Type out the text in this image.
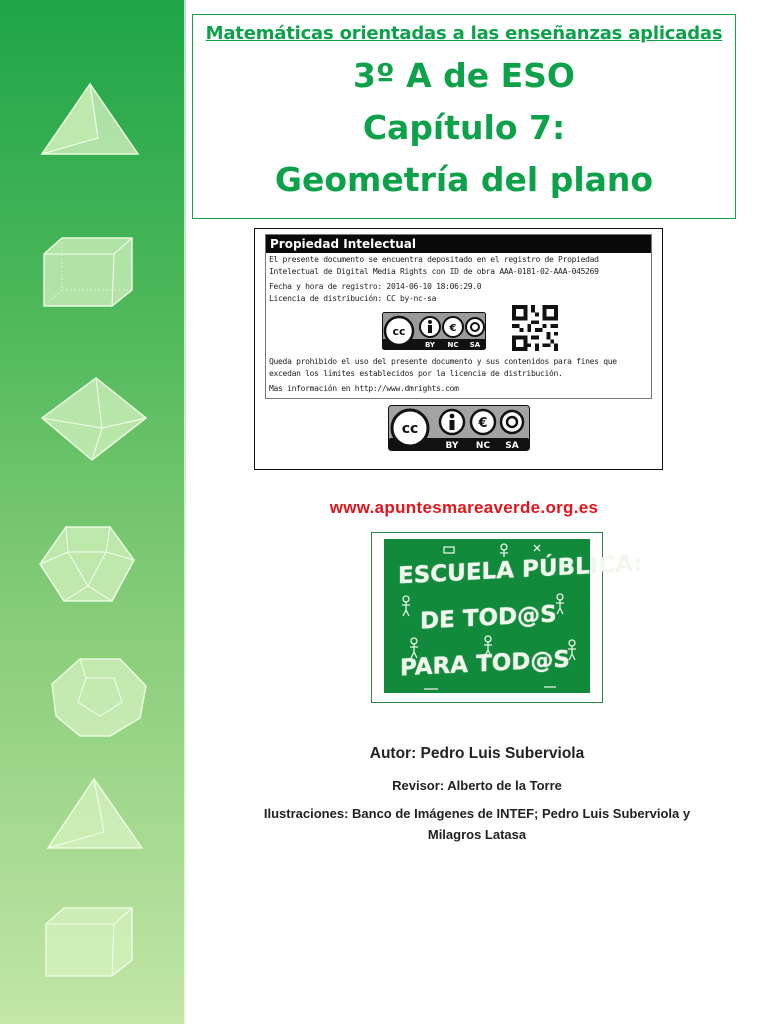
Matemáticas orientadas a las enseñanzas aplicadas
3º A de ESO
Capítulo 7:
Geometría del plano
Propiedad Intelectual
El presente documento se encuentra depositado en el registro de Propiedad
Intelectual de Digital Media Rights con ID de obra AAA-0181-02-AAA-045269
Fecha y hora de registro: 2014-06-10 18:06:29.0
Licencia de distribución: CC by-nc-sa
cc	€
BY NC SA
Queda prohibido el uso del presente documento y sus contenidos para fines que
excedan los límites establecidos por la licencia de distribución.
Mas información en http://www.dmrights.com
cc	€
BY NC SA
www.apuntesmareaverde.org.es
ESCUELA PÚBLICA:
DE TOD@S
PARA TOD@S
Autor: Pedro Luis Suberviola
Revisor: Alberto de la Torre
Ilustraciones: Banco de Imágenes de INTEF; Pedro Luis Suberviola y
Milagros Latasa
